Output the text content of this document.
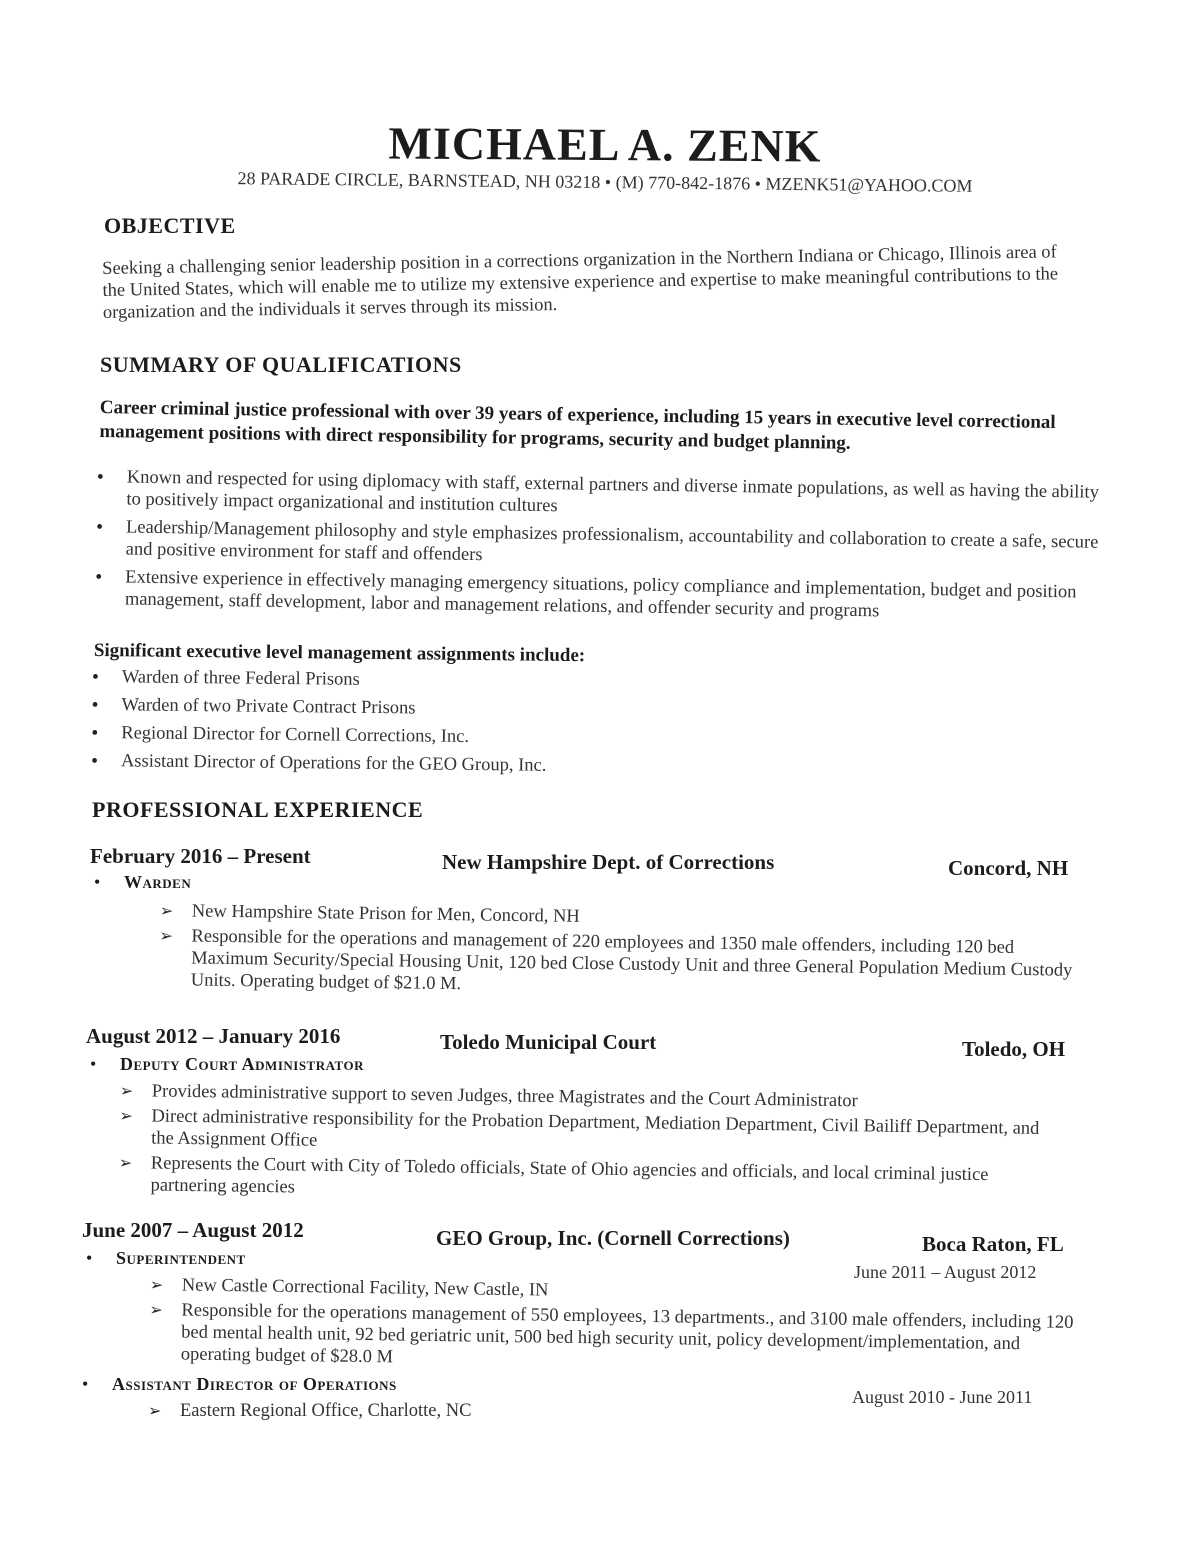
MICHAEL A. ZENK
28 PARADE CIRCLE, BARNSTEAD, NH 03218 • (M) 770-842-1876 • MZENK51@YAHOO.COM
OBJECTIVE
Seeking a challenging senior leadership position in a corrections organization in the Northern Indiana or Chicago, Illinois area of the United States, which will enable me to utilize my extensive experience and expertise to make meaningful contributions to the organization and the individuals it serves through its mission.
SUMMARY OF QUALIFICATIONS
Career criminal justice professional with over 39 years of experience, including 15 years in executive level correctional management positions with direct responsibility for programs, security and budget planning.
• Known and respected for using diplomacy with staff, external partners and diverse inmate populations, as well as having the ability to positively impact organizational and institution cultures
• Leadership/Management philosophy and style emphasizes professionalism, accountability and collaboration to create a safe, secure and positive environment for staff and offenders
• Extensive experience in effectively managing emergency situations, policy compliance and implementation, budget and position management, staff development, labor and management relations, and offender security and programs
Significant executive level management assignments include:
• Warden of three Federal Prisons
• Warden of two Private Contract Prisons
• Regional Director for Cornell Corrections, Inc.
• Assistant Director of Operations for the GEO Group, Inc.
PROFESSIONAL EXPERIENCE
February 2016 – Present	New Hampshire Dept. of Corrections	Concord, NH
• Warden
➢ New Hampshire State Prison for Men, Concord, NH
➢ Responsible for the operations and management of 220 employees and 1350 male offenders, including 120 bed Maximum Security/Special Housing Unit, 120 bed Close Custody Unit and three General Population Medium Custody Units. Operating budget of $21.0 M.
August 2012 – January 2016	Toledo Municipal Court	Toledo, OH
• Deputy Court Administrator
➢ Provides administrative support to seven Judges, three Magistrates and the Court Administrator
➢ Direct administrative responsibility for the Probation Department, Mediation Department, Civil Bailiff Department, and the Assignment Office
➢ Represents the Court with City of Toledo officials, State of Ohio agencies and officials, and local criminal justice partnering agencies
June 2007 – August 2012	GEO Group, Inc. (Cornell Corrections)	Boca Raton, FL
• Superintendent
June 2011 – August 2012
➢ New Castle Correctional Facility, New Castle, IN
➢ Responsible for the operations management of 550 employees, 13 departments., and 3100 male offenders, including 120 bed mental health unit, 92 bed geriatric unit, 500 bed high security unit, policy development/implementation, and operating budget of $28.0 M
• Assistant Director of Operations
August 2010 - June 2011
➢ Eastern Regional Office, Charlotte, NC
